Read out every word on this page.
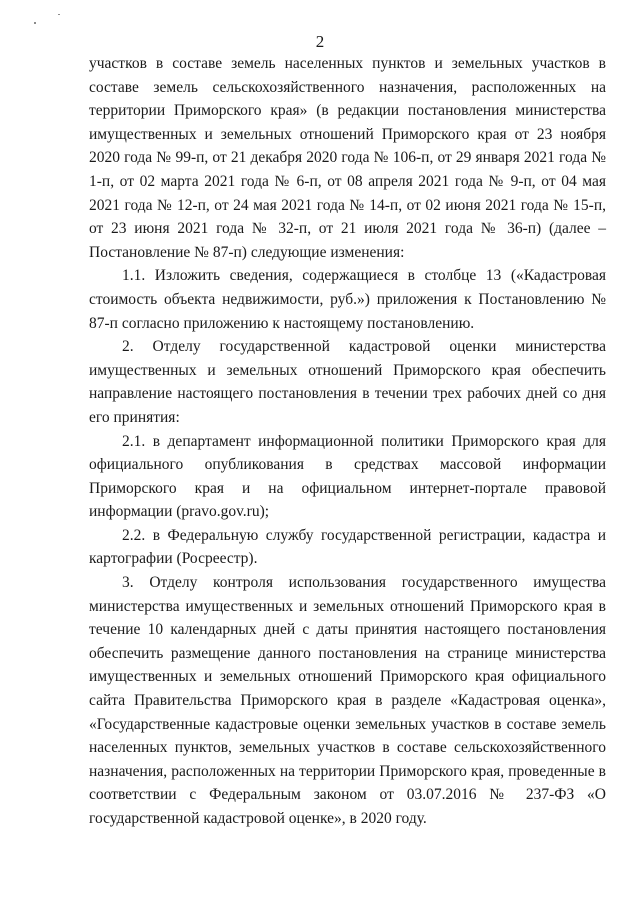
2

участков в составе земель населенных пунктов и земельных участков в составе земель сельскохозяйственного назначения, расположенных на территории Приморского края» (в редакции постановления министерства имущественных и земельных отношений Приморского края от 23 ноября 2020 года № 99-п, от 21 декабря 2020 года № 106-п, от 29 января 2021 года № 1-п, от 02 марта 2021 года № 6-п, от 08 апреля 2021 года № 9-п, от 04 мая 2021 года № 12-п, от 24 мая 2021 года № 14-п, от 02 июня 2021 года № 15-п, от 23 июня 2021 года № 32-п, от 21 июля 2021 года № 36-п) (далее – Постановление № 87-п) следующие изменения:

1.1. Изложить сведения, содержащиеся в столбце 13 («Кадастровая стоимость объекта недвижимости, руб.») приложения к Постановлению № 87-п согласно приложению к настоящему постановлению.

2. Отделу государственной кадастровой оценки министерства имущественных и земельных отношений Приморского края обеспечить направление настоящего постановления в течении трех рабочих дней со дня его принятия:

2.1. в департамент информационной политики Приморского края для официального опубликования в средствах массовой информации Приморского края и на официальном интернет-портале правовой информации (pravo.gov.ru);

2.2. в Федеральную службу государственной регистрации, кадастра и картографии (Росреестр).

3. Отделу контроля использования государственного имущества министерства имущественных и земельных отношений Приморского края в течение 10 календарных дней с даты принятия настоящего постановления обеспечить размещение данного постановления на странице министерства имущественных и земельных отношений Приморского края официального сайта Правительства Приморского края в разделе «Кадастровая оценка», «Государственные кадастровые оценки земельных участков в составе земель населенных пунктов, земельных участков в составе сельскохозяйственного назначения, расположенных на территории Приморского края, проведенные в соответствии с Федеральным законом от 03.07.2016 № 237-ФЗ «О государственной кадастровой оценке», в 2020 году.
